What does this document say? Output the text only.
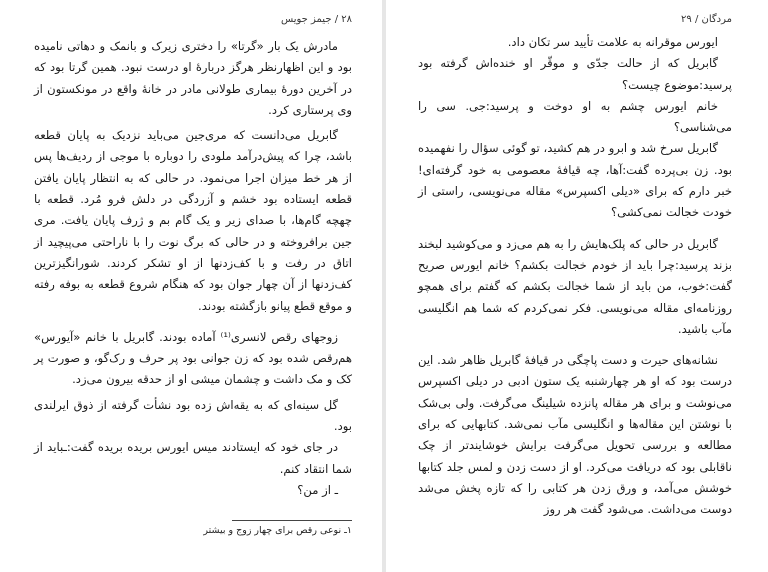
۲۸ / جیمز جویس

مادرش یک بار «گرتا» را دختری زیرک و بانمک و دهاتی نامیده بود و این اظهارنظر هرگز درباره‌ٔ او درست نبود. همین گرتا بود که در آخرین دوره‌ٔ بیماری طولانی مادر در خانه‌ٔ واقع در مونکستون از وی پرستاری کرد.

گابریل می‌دانست که مری‌جین می‌باید نزدیک به پایان قطعه باشد، چرا که پیش‌درآمد ملودی را دوباره با موجی از ردیف‌ها پس از هر خط میزان اجرا می‌نمود. در حالی که به انتظار پایان یافتن قطعه ایستاده بود خشم و آزردگی در دلش فرو مُرد. قطعه با چهچه گام‌ها، با صدای زیر و یک گام بم و ژرف پایان یافت. مری جین برافروخته و در حالی که برگ نوت را با ناراحتی می‌پیچید از اتاق در رفت و با کف‌زدنها از او تشکر کردند. شورانگیزترین کف‌زدنها از آن چهار جوان بود که هنگام شروع قطعه به بوفه رفته و موقع قطع پیانو بازگشته بودند.

زوجهای رقص لانسری⁽¹⁾ آماده بودند. گابریل با خانم «آیورس» هم‌رقص شده بود که زن جوانی بود پر حرف و رک‌گو، و صورت پر کک و مک داشت و چشمان میشی او از حدقه بیرون می‌زد.

گل سینه‌ای که به یقه‌اش زده بود نشأت گرفته از ذوق ایرلندی بود.

در جای خود که ایستادند میس ایورس بریده بریده گفت:ـباید از شما انتقاد کنم.

ـ از من؟

۱ـ نوعی رقص برای چهار زوج و بیشتر
مردگان / ۲۹

ایورس موقرانه به علامت تأیید سر تکان داد.

گابریل که از حالت جدّی و موقّر او خنده‌اش گرفته بود پرسید:موضوع چیست؟

خانم ایورس چشم به او دوخت و پرسید:جی. سی را می‌شناسی؟

گابریل سرخ شد و ابرو در هم کشید، تو گوئی سؤال را نفهمیده بود. زن بی‌پرده گفت:آها، چه قیافهٔ معصومی به خود گرفته‌ای! خبر دارم که برای «دیلی اکسپرس» مقاله می‌نویسی، راستی از خودت خجالت نمی‌کشی؟

گابریل در حالی که پلک‌هایش را به هم می‌زد و می‌کوشید لبخند بزند پرسید:چرا باید از خودم خجالت بکشم؟ خانم ایورس صریح گفت:خوب، من باید از شما خجالت بکشم که گفتم برای همچو روزنامه‌ای مقاله می‌نویسی. فکر نمی‌کردم که شما هم انگلیسی مآب باشید.

نشانه‌های حیرت و دست پاچگی در قیافهٔ گابریل ظاهر شد. این درست بود که او هر چهارشنبه یک ستون ادبی در دیلی اکسپرس می‌نوشت و برای هر مقاله پانزده شیلینگ می‌گرفت. ولی بی‌شک با نوشتن این مقاله‌ها و انگلیسی مآب نمی‌شد. کتابهایی که برای مطالعه و بررسی تحویل می‌گرفت برایش خوشایندتر از چک ناقابلی بود که دریافت می‌کرد. او از دست زدن و لمس جلد کتابها خوشش می‌آمد، و ورق زدن هر کتابی را که تازه پخش می‌شد دوست می‌داشت. می‌شود گفت هر روز
